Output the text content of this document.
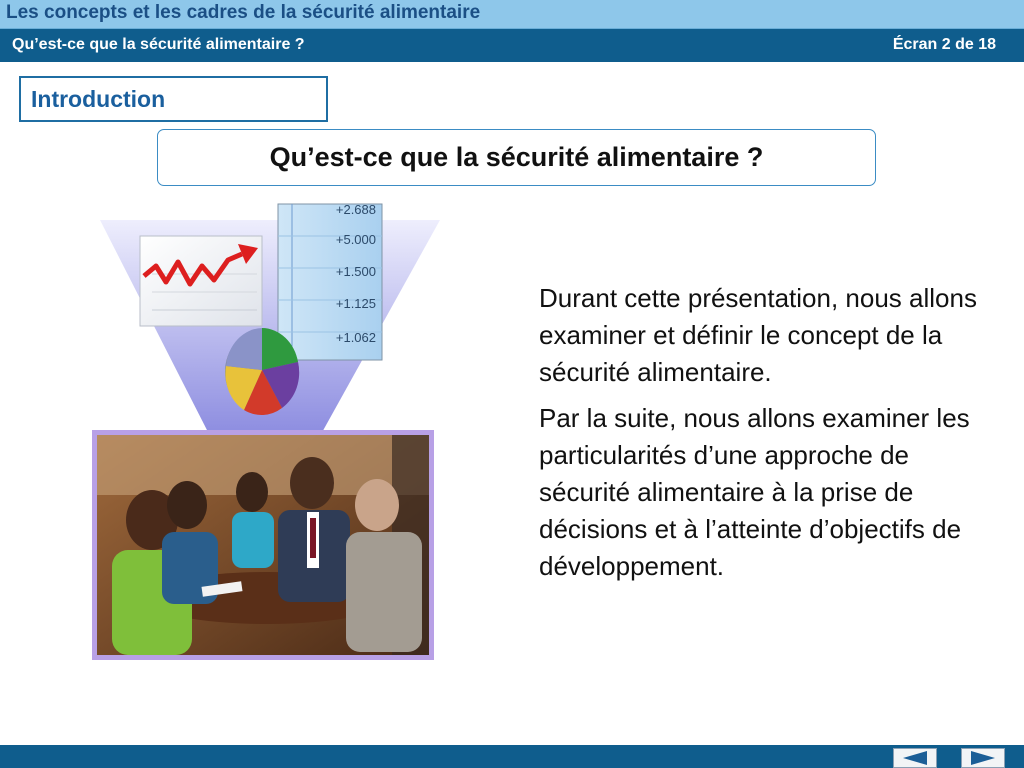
Les concepts et les cadres de la sécurité alimentaire
Qu’est-ce que la sécurité alimentaire ?	Écran 2 de 18
Introduction
Qu’est-ce que la sécurité alimentaire ?
+2.688
+5.000
+1.500
+1.125
+1.062

Durant cette présentation, nous allons examiner et définir le concept de la sécurité alimentaire.

Par la suite, nous allons examiner les particularités d’une approche de sécurité alimentaire à la prise de décisions et à l’atteinte d’objectifs de développement.
